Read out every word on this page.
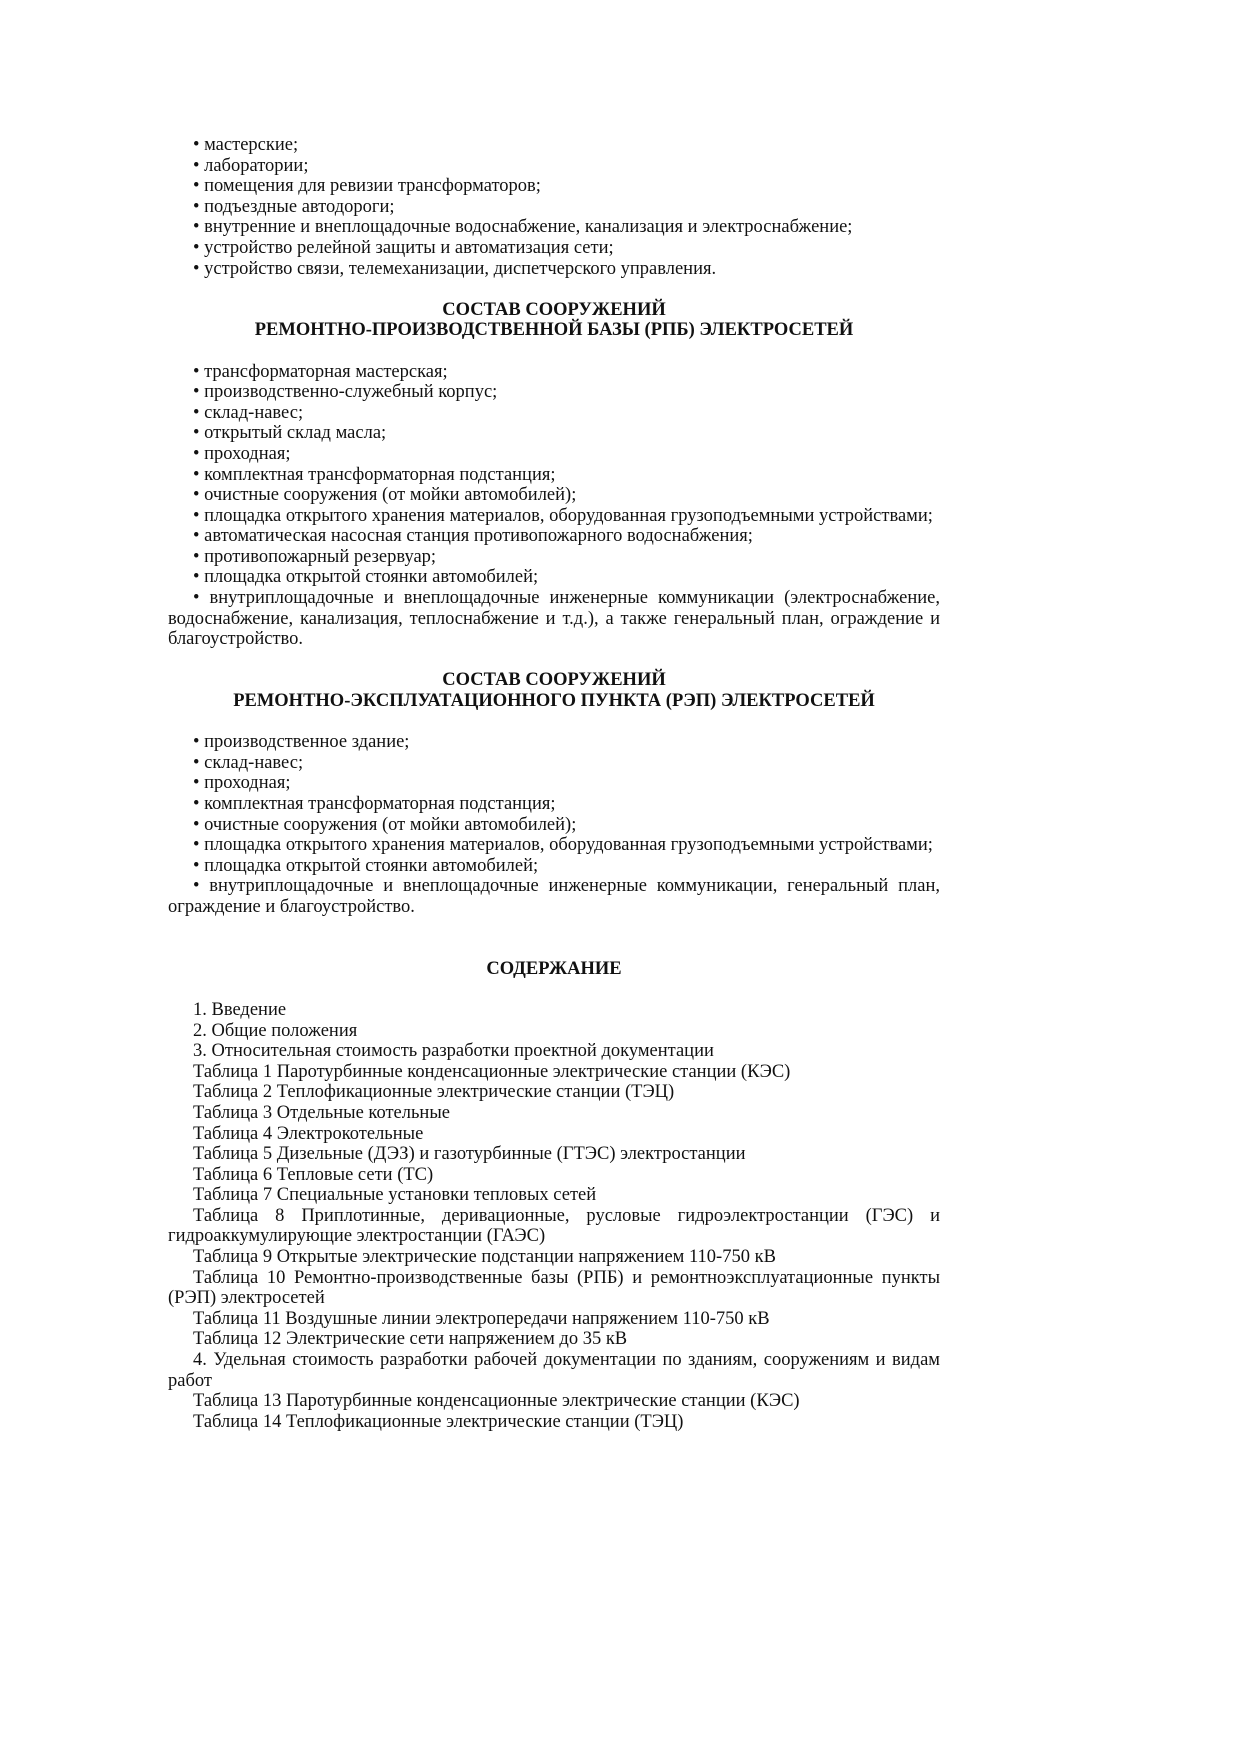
• мастерские;

• лаборатории;

• помещения для ревизии трансформаторов;

• подъездные автодороги;

• внутренние и внеплощадочные водоснабжение, канализация и электроснабжение;

• устройство релейной защиты и автоматизация сети;

• устройство связи, телемеханизации, диспетчерского управления.

СОСТАВ СООРУЖЕНИЙ
РЕМОНТНО-ПРОИЗВОДСТВЕННОЙ БАЗЫ (РПБ) ЭЛЕКТРОСЕТЕЙ

• трансформаторная мастерская;

• производственно-служебный корпус;

• склад-навес;

• открытый склад масла;

• проходная;

• комплектная трансформаторная подстанция;

• очистные сооружения (от мойки автомобилей);

• площадка открытого хранения материалов, оборудованная грузоподъемными устройствами;

• автоматическая насосная станция противопожарного водоснабжения;

• противопожарный резервуар;

• площадка открытой стоянки автомобилей;

• внутриплощадочные и внеплощадочные инженерные коммуникации (электроснабжение, водоснабжение, канализация, теплоснабжение и т.д.), а также генеральный план, ограждение и благоустройство.

СОСТАВ СООРУЖЕНИЙ
РЕМОНТНО-ЭКСПЛУАТАЦИОННОГО ПУНКТА (РЭП) ЭЛЕКТРОСЕТЕЙ

• производственное здание;

• склад-навес;

• проходная;

• комплектная трансформаторная подстанция;

• очистные сооружения (от мойки автомобилей);

• площадка открытого хранения материалов, оборудованная грузоподъемными устройствами;

• площадка открытой стоянки автомобилей;

• внутриплощадочные и внеплощадочные инженерные коммуникации, генеральный план, ограждение и благоустройство.

СОДЕРЖАНИЕ

1. Введение

2. Общие положения

3. Относительная стоимость разработки проектной документации

Таблица 1 Паротурбинные конденсационные электрические станции (КЭС)

Таблица 2 Теплофикационные электрические станции (ТЭЦ)

Таблица 3 Отдельные котельные

Таблица 4 Электрокотельные

Таблица 5 Дизельные (ДЭЗ) и газотурбинные (ГТЭС) электростанции

Таблица 6 Тепловые сети (ТС)

Таблица 7 Специальные установки тепловых сетей

Таблица 8 Приплотинные, деривационные, русловые гидроэлектростанции (ГЭС) и гидроаккумулирующие электростанции (ГАЭС)

Таблица 9 Открытые электрические подстанции напряжением 110-750 кВ

Таблица 10 Ремонтно-производственные базы (РПБ) и ремонтноэксплуатационные пункты (РЭП) электросетей

Таблица 11 Воздушные линии электропередачи напряжением 110-750 кВ

Таблица 12 Электрические сети напряжением до 35 кВ

4. Удельная стоимость разработки рабочей документации по зданиям, сооружениям и видам работ

Таблица 13 Паротурбинные конденсационные электрические станции (КЭС)

Таблица 14 Теплофикационные электрические станции (ТЭЦ)
